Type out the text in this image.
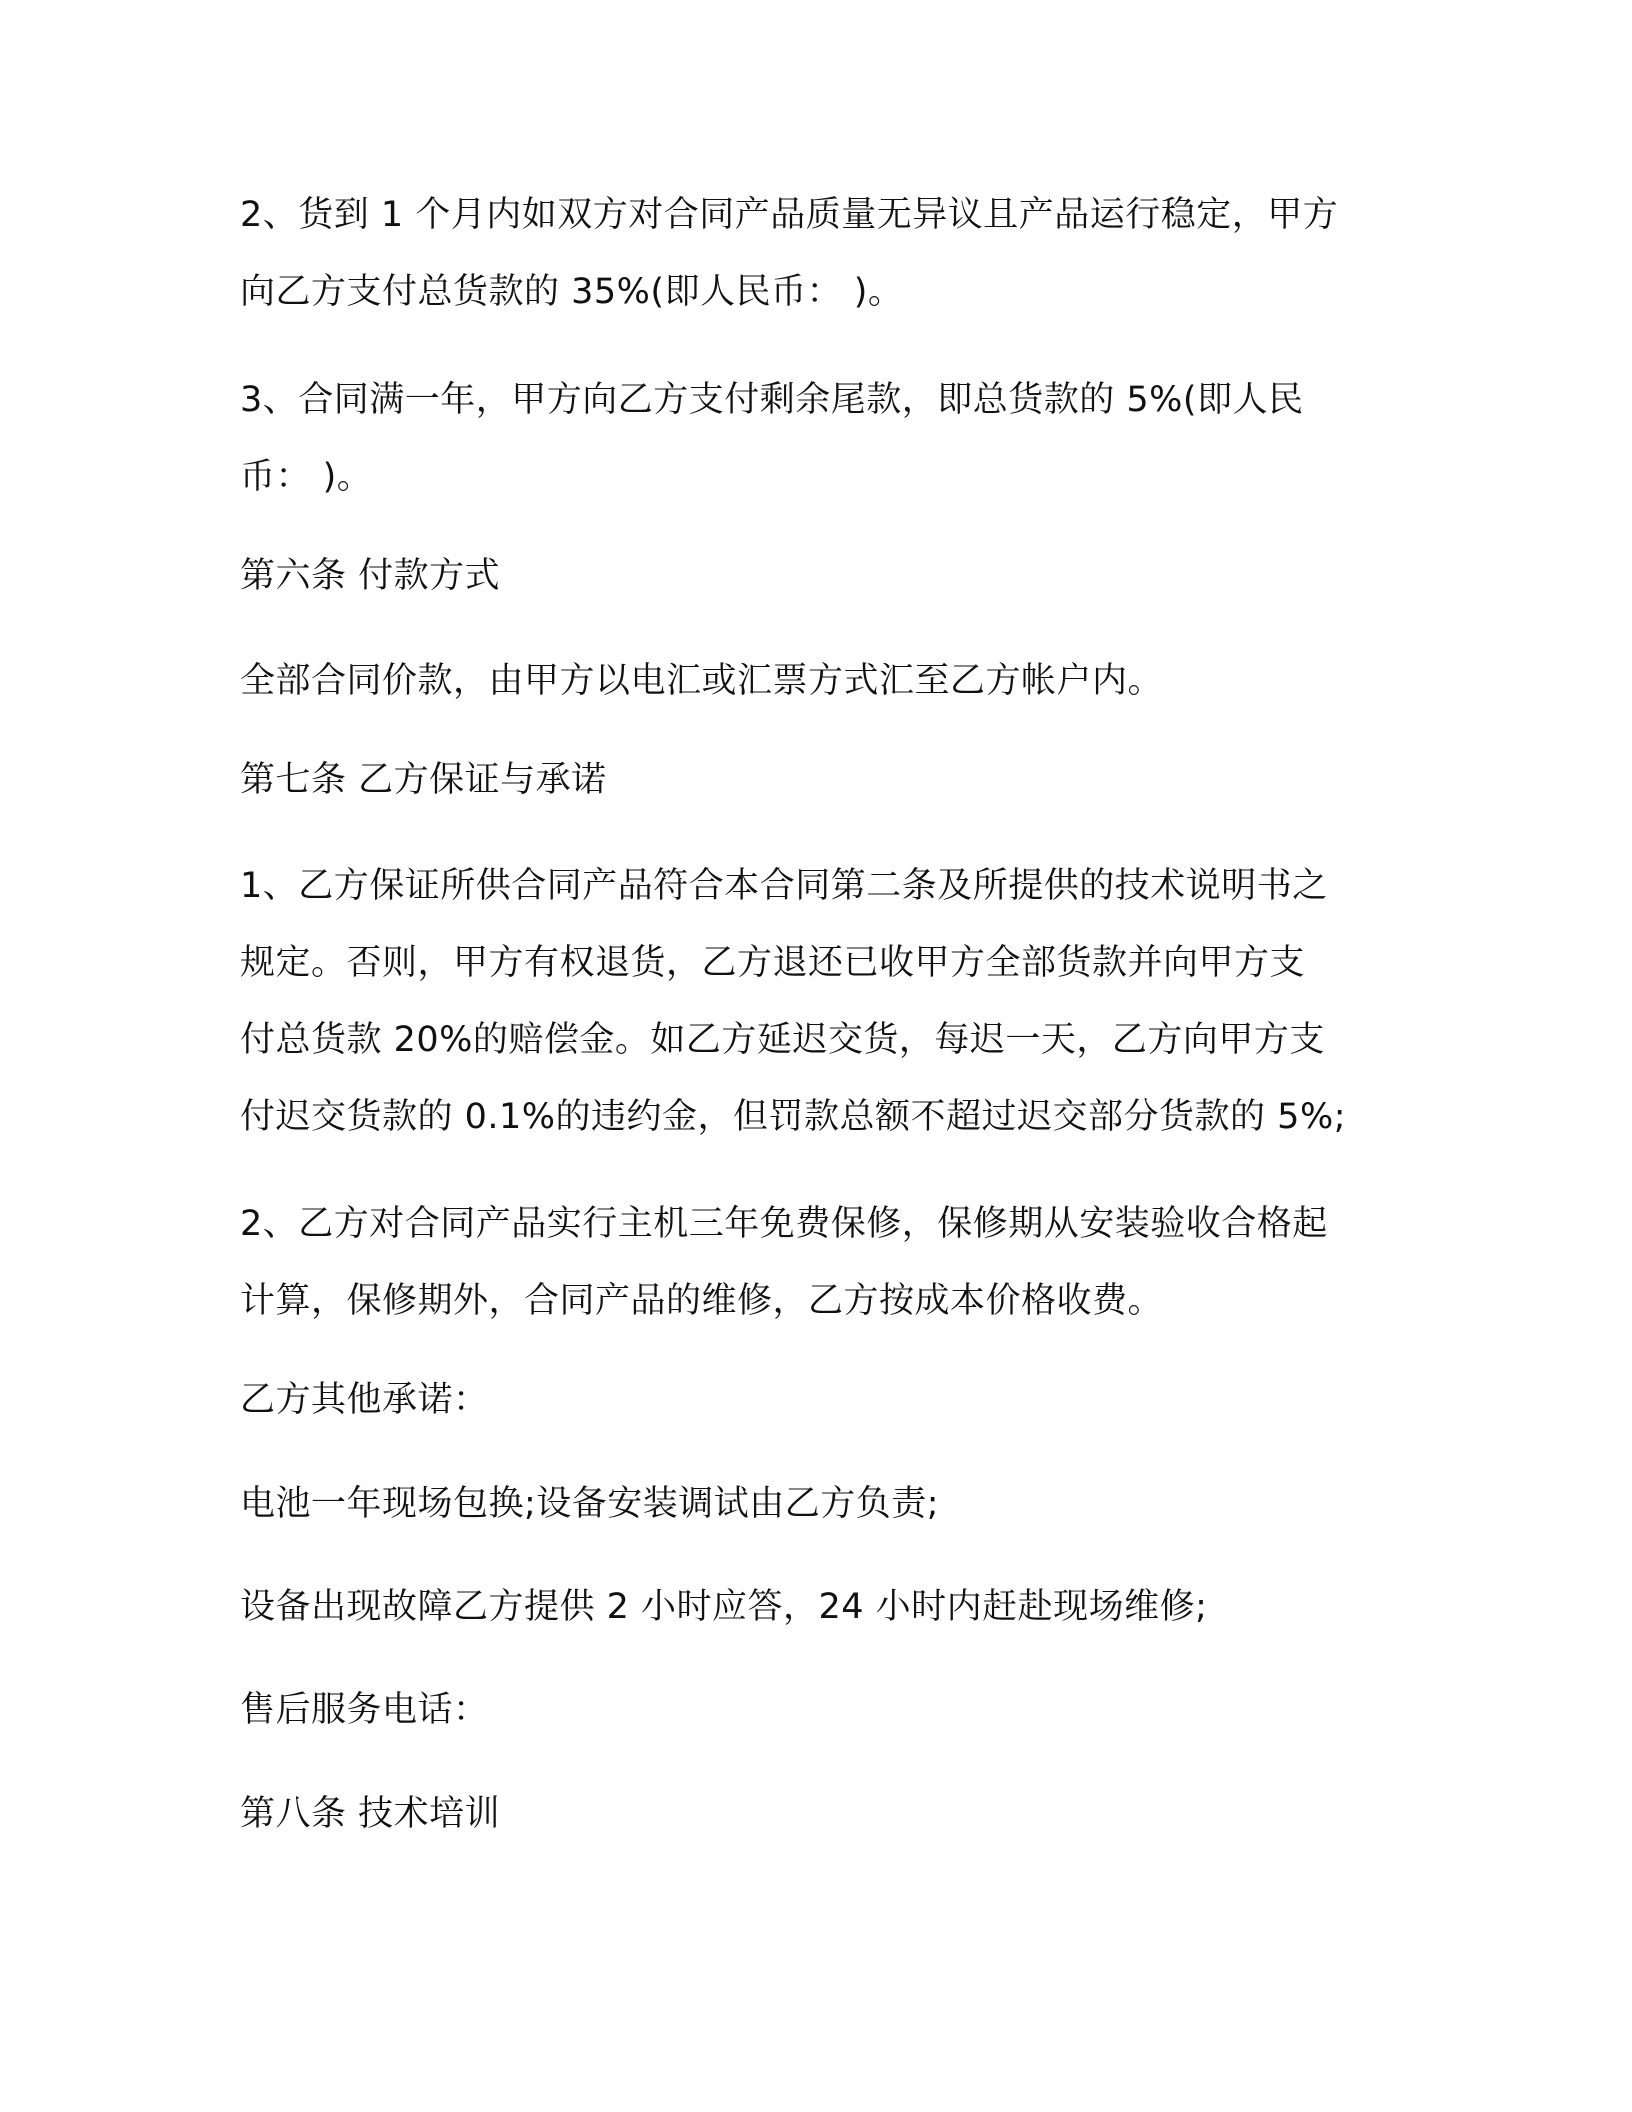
2、货到 1 个月内如双方对合同产品质量无异议且产品运行稳定，甲方
向乙方支付总货款的 35%(即人民币： )。

3、合同满一年，甲方向乙方支付剩余尾款，即总货款的 5%(即人民
币： )。

第六条 付款方式

全部合同价款，由甲方以电汇或汇票方式汇至乙方帐户内。

第七条 乙方保证与承诺

1、乙方保证所供合同产品符合本合同第二条及所提供的技术说明书之
规定。否则，甲方有权退货，乙方退还已收甲方全部货款并向甲方支
付总货款 20%的赔偿金。如乙方延迟交货，每迟一天，乙方向甲方支
付迟交货款的 0.1%的违约金，但罚款总额不超过迟交部分货款的 5%;

2、乙方对合同产品实行主机三年免费保修，保修期从安装验收合格起
计算，保修期外，合同产品的维修，乙方按成本价格收费。

乙方其他承诺：

电池一年现场包换;设备安装调试由乙方负责;

设备出现故障乙方提供 2 小时应答，24 小时内赶赴现场维修;

售后服务电话：

第八条 技术培训
